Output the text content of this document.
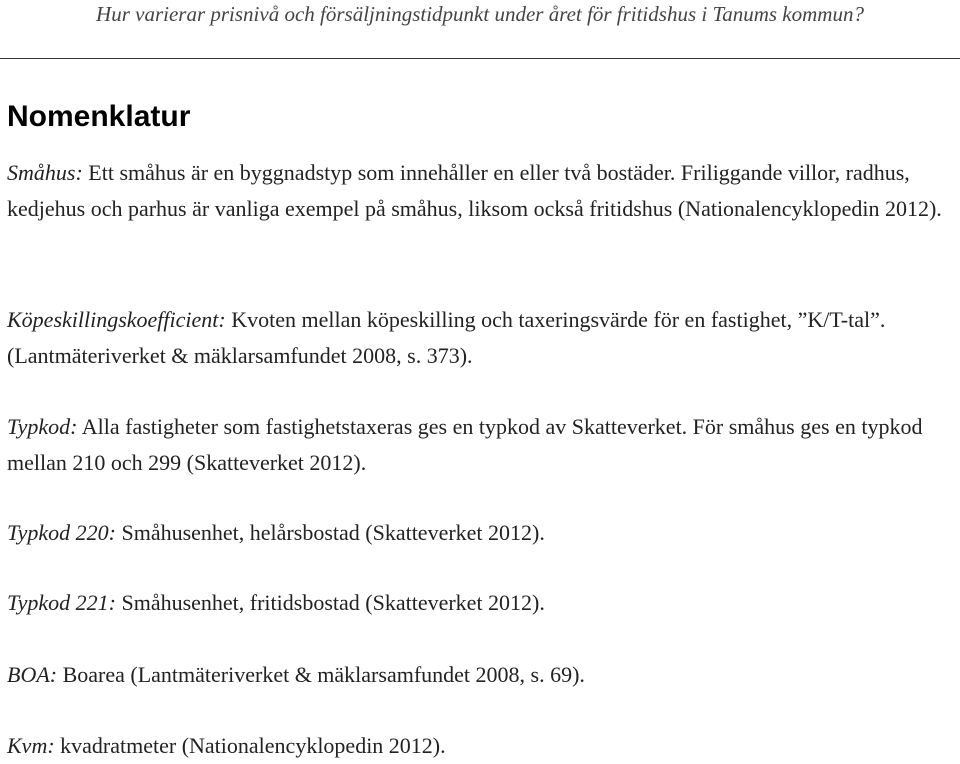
Hur varierar prisnivå och försäljningstidpunkt under året för fritidshus i Tanums kommun?
Nomenklatur

Småhus: Ett småhus är en byggnadstyp som innehåller en eller två bostäder. Friliggande villor, radhus, kedjehus och parhus är vanliga exempel på småhus, liksom också fritidshus (Nationalencyklopedin 2012).

Köpeskillingskoefficient: Kvoten mellan köpeskilling och taxeringsvärde för en fastighet, ”K/T-tal”. (Lantmäteriverket & mäklarsamfundet 2008, s. 373).

Typkod: Alla fastigheter som fastighetstaxeras ges en typkod av Skatteverket. För småhus ges en typkod mellan 210 och 299 (Skatteverket 2012).

Typkod 220: Småhusenhet, helårsbostad (Skatteverket 2012).

Typkod 221: Småhusenhet, fritidsbostad (Skatteverket 2012).

BOA: Boarea (Lantmäteriverket & mäklarsamfundet 2008, s. 69).

Kvm: kvadratmeter (Nationalencyklopedin 2012).
